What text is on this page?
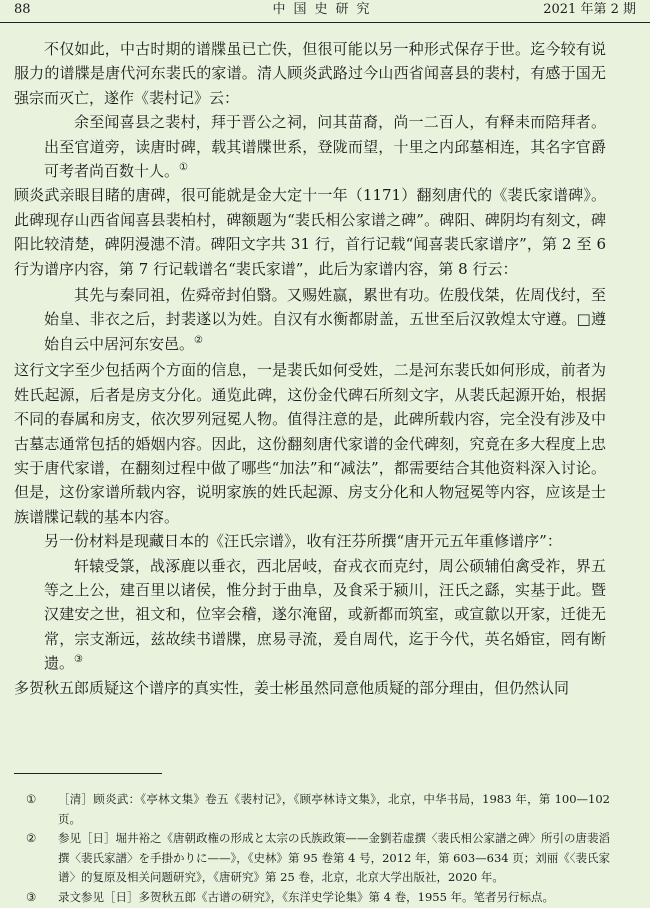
88	中国史研究	2021 年第 2 期

不仅如此，中古时期的谱牒虽已亡佚，但很可能以另一种形式保存于世。迄今较有说服力的谱牒是唐代河东裴氏的家谱。清人顾炎武路过今山西省闻喜县的裴村，有感于国无强宗而灭亡，遂作《裴村记》云：

余至闻喜县之裴村，拜于晋公之祠，问其苗裔，尚一二百人，有释耒而陪拜者。出至官道旁，读唐时碑，载其谱牒世系，登陇而望，十里之内邱墓相连，其名字官爵可考者尚百数十人。①

顾炎武亲眼目睹的唐碑，很可能就是金大定十一年（1171）翻刻唐代的《裴氏家谱碑》。此碑现存山西省闻喜县裴柏村，碑额题为“裴氏相公家谱之碑”。碑阳、碑阴均有刻文，碑阳比较清楚，碑阴漫漶不清。碑阳文字共 31 行，首行记载“闻喜裴氏家谱序”，第 2 至 6 行为谱序内容，第 7 行记载谱名“裴氏家谱”，此后为家谱内容，第 8 行云：

其先与秦同祖，佐舜帝封伯翳。又赐姓嬴，累世有功。佐殷伐桀，佐周伐纣，至始皇、非衣之后，封裴遂以为姓。自汉有水衡都尉盖，五世至后汉敦煌太守遵。□遵始自云中居河东安邑。②

这行文字至少包括两个方面的信息，一是裴氏如何受姓，二是河东裴氏如何形成，前者为姓氏起源，后者是房支分化。通览此碑，这份金代碑石所刻文字，从裴氏起源开始，根据不同的春属和房支，依次罗列冠冕人物。值得注意的是，此碑所载内容，完全没有涉及中古墓志通常包括的婚姻内容。因此，这份翻刻唐代家谱的金代碑刻，究竟在多大程度上忠实于唐代家谱，在翻刻过程中做了哪些“加法”和“减法”，都需要结合其他资料深入讨论。但是，这份家谱所载内容，说明家族的姓氏起源、房支分化和人物冠冕等内容，应该是士族谱牒记载的基本内容。

另一份材料是现藏日本的《汪氏宗谱》，收有汪芬所撰“唐开元五年重修谱序”：

轩辕受箓，战涿鹿以垂衣，西北居岐，奋戎衣而克纣，周公硕辅伯禽受祚，界五等之上公，建百里以诸侯，惟分封于曲阜，及食采于颍川，汪氏之繇，实基于此。暨汉建安之世，祖文和，位宰会稽，遂尔淹留，或新都而筑室，或宣歙以开家，迁徙无常，宗支渐远，兹故续书谱牒，庶易寻流，爰自周代，迄于今代，英名婚宦，罔有断遗。③

多贺秋五郎质疑这个谱序的真实性，姜士彬虽然同意他质疑的部分理由，但仍然认同

①	［清］顾炎武：《亭林文集》卷五《裴村记》，《顾亭林诗文集》，北京，中华书局，1983 年，第 100—102 页。
②	参见［日］堀井裕之《唐朝政権の形成と太宗の氏族政策——金劉若虚撰〈裴氏相公家譜之碑〉所引の唐裴滔撰〈裴氏家譜〉を手掛かりに——》，《史林》第 95 卷第 4 号，2012 年，第 603—634 页；刘丽《〈裴氏家谱〉的复原及相关问题研究》，《唐研究》第 25 卷，北京，北京大学出版社，2020 年。
③	录文参见［日］多贺秋五郎《古谱の研究》，《东洋史学论集》第 4 卷，1955 年。笔者另行标点。
